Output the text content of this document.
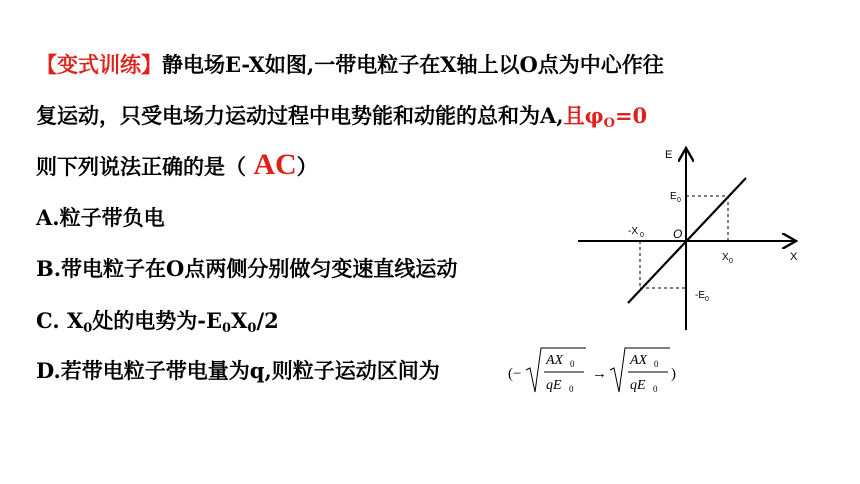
【变式训练】静电场E-X如图,一带电粒子在X轴上以O点为中心作往
复运动，只受电场力运动过程中电势能和动能的总和为A,且$\varphi_O=0$
则下列说法正确的是（ AC）
A.粒子带负电
B.带电粒子在O点两侧分别做匀变速直线运动
C. $X_0$处的电势为$-E_0X_0/2$
D.若带电粒子带电量为q,则粒子运动区间为	(−
AX 0
qE 0
→
AX 0
qE 0
)
E
X
O
E 0
-E 0
X 0
-X 0
